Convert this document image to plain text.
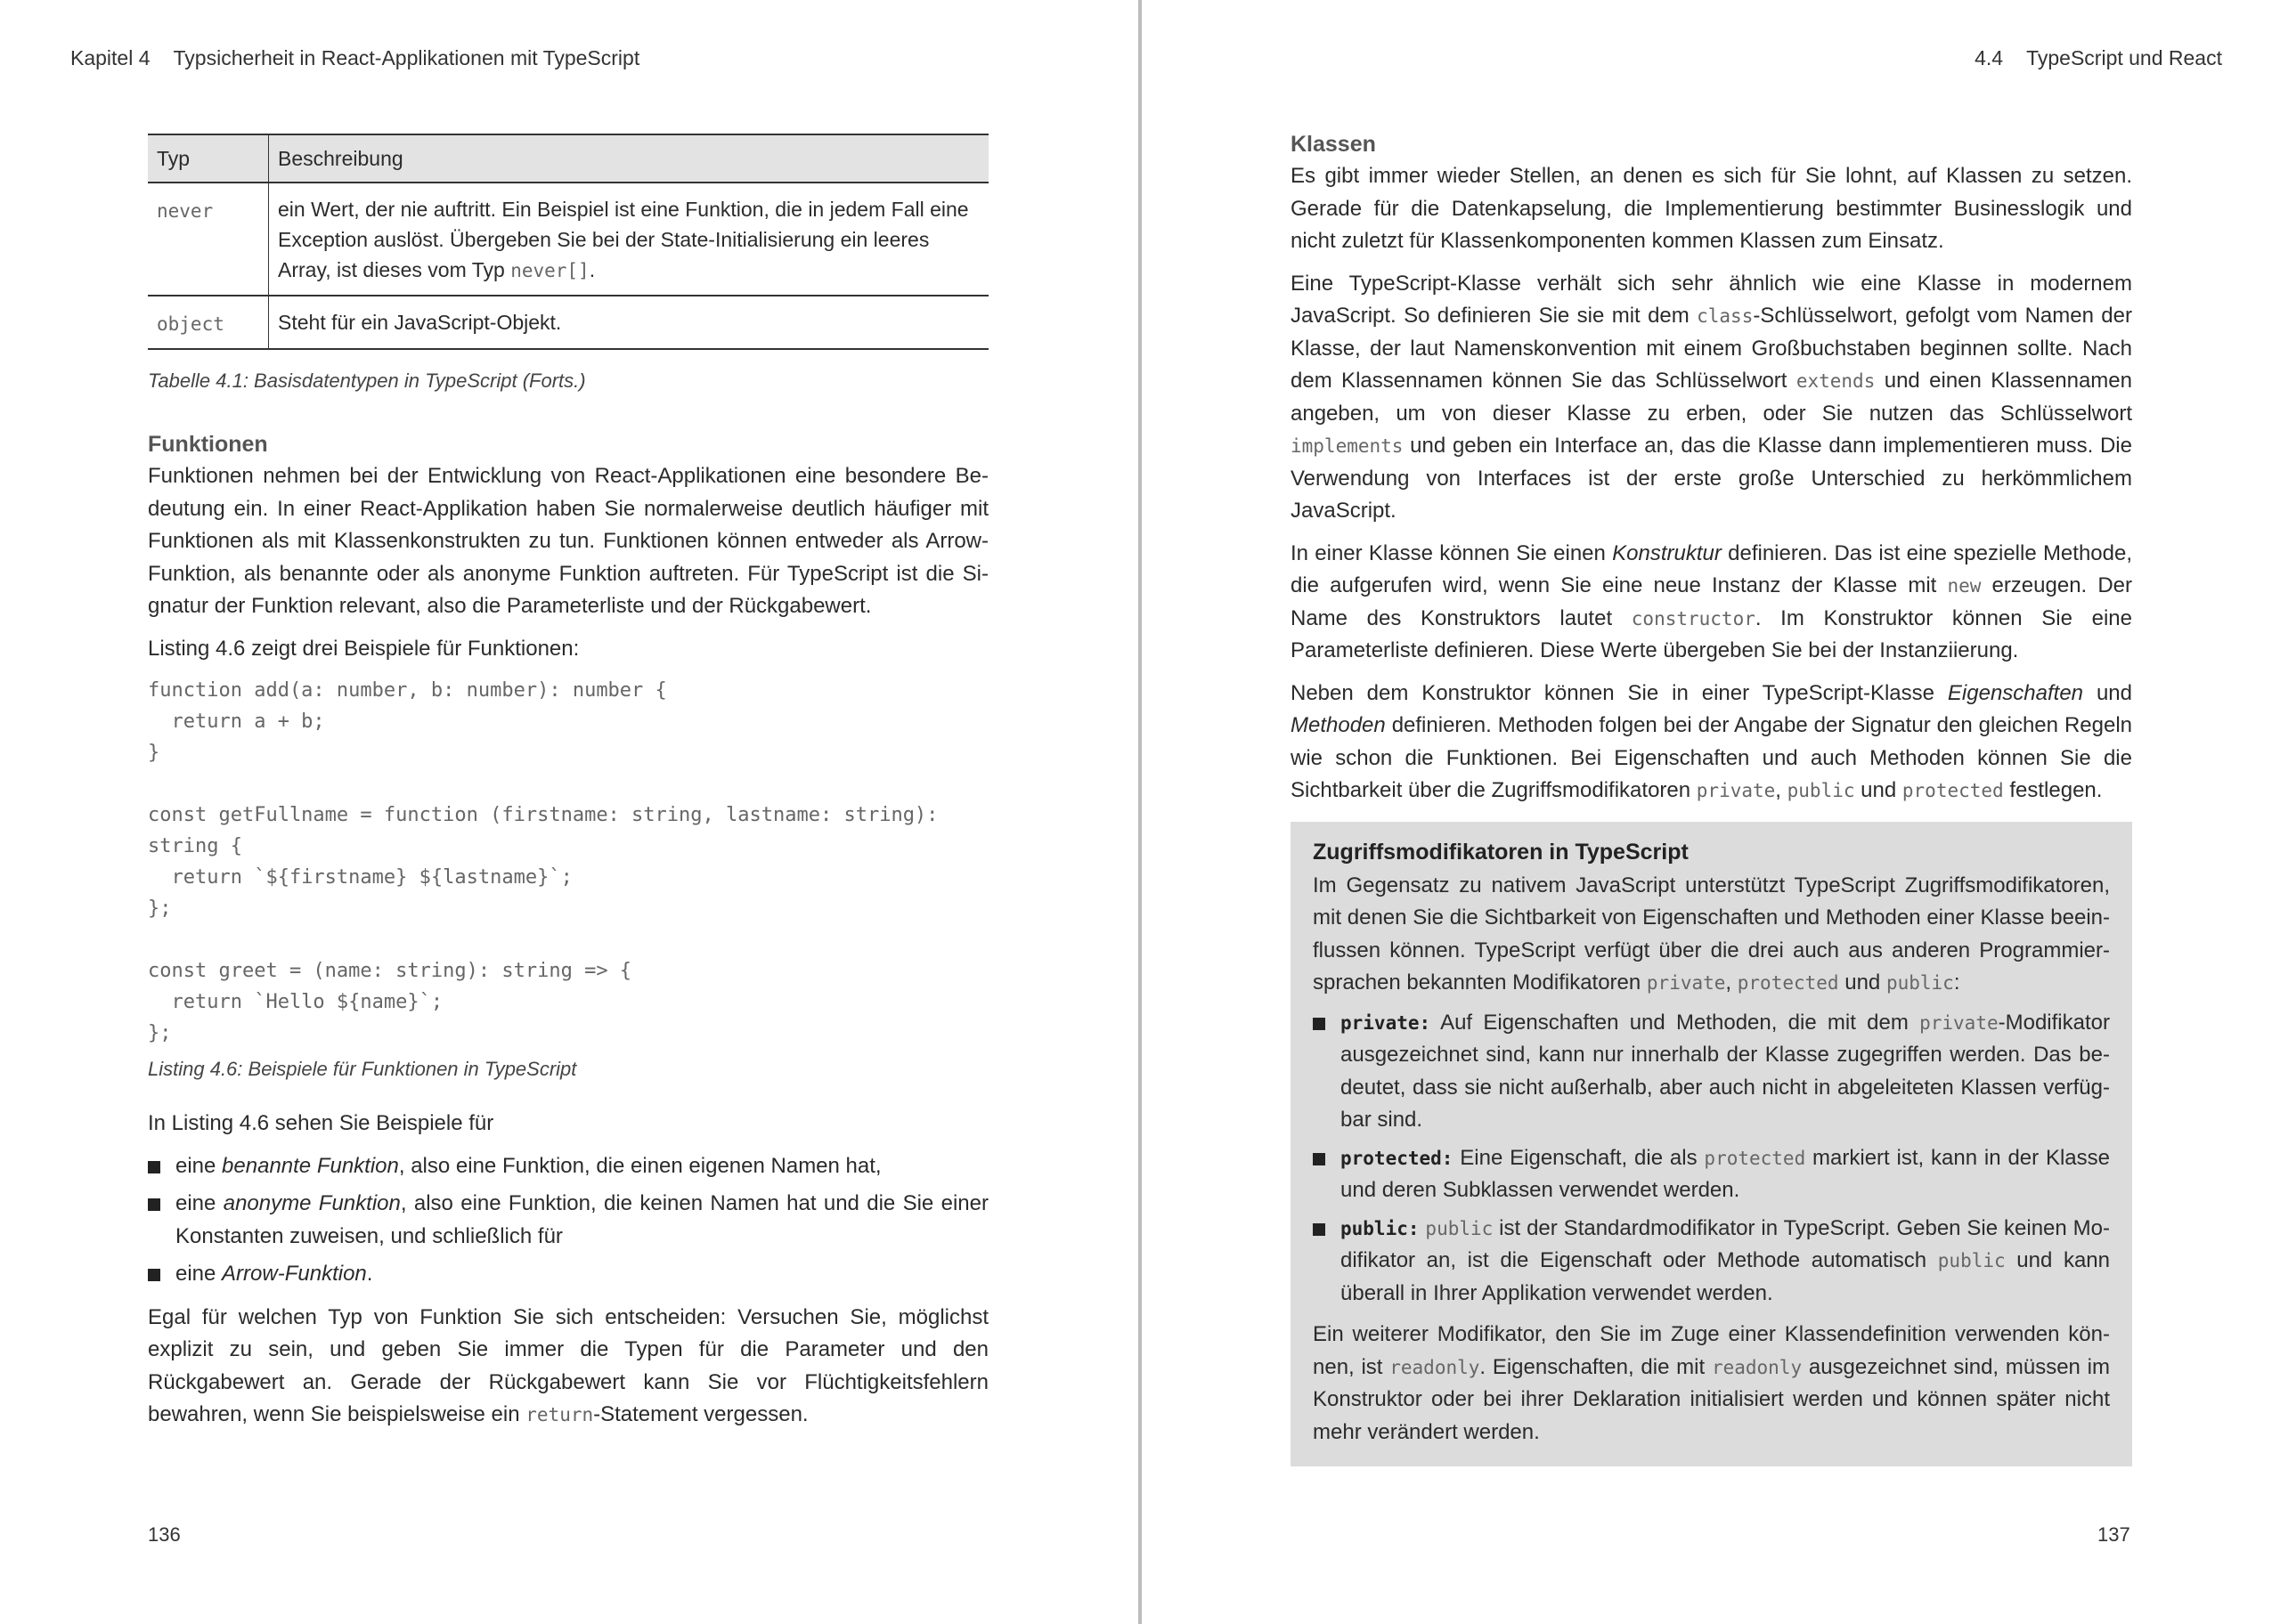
Kapitel 4 Typsicherheit in React-Applikationen mit TypeScript
Typ	Beschreibung
never	ein Wert, der nie auftritt. Ein Beispiel ist eine Funktion, die in jedem Fall eine Exception auslöst. Übergeben Sie bei der State-Initialisierung ein leeres Array, ist dieses vom Typ never[].
object	Steht für ein JavaScript-Objekt.
Tabelle 4.1: Basisdatentypen in TypeScript (Forts.)
Funktionen

Funktionen nehmen bei der Entwicklung von React-Applikationen eine besondere Bedeutung ein. In einer React-Applikation haben Sie normalerweise deutlich häufiger mit Funktionen als mit Klassenkonstrukten zu tun. Funktionen können entweder als Arrow-Funktion, als benannte oder als anonyme Funktion auftreten. Für TypeScript ist die Signatur der Funktion relevant, also die Parameterliste und der Rückgabewert.

Listing 4.6 zeigt drei Beispiele für Funktionen:

function add(a: number, b: number): number {
return a + b;
}
const getFullname = function (firstname: string, lastname: string):
string {
return `${firstname} ${lastname}`;
};
const greet = (name: string): string => {
return `Hello ${name}`;
};
Listing 4.6: Beispiele für Funktionen in TypeScript

In Listing 4.6 sehen Sie Beispiele für

eine benannte Funktion, also eine Funktion, die einen eigenen Namen hat,
eine anonyme Funktion, also eine Funktion, die keinen Namen hat und die Sie einer Konstanten zuweisen, und schließlich für
eine Arrow-Funktion.

Egal für welchen Typ von Funktion Sie sich entscheiden: Versuchen Sie, möglichst explizit zu sein, und geben Sie immer die Typen für die Parameter und den Rückgabewert an. Gerade der Rückgabewert kann Sie vor Flüchtigkeitsfehlern bewahren, wenn Sie beispielsweise ein return-Statement vergessen.

136
4.4 TypeScript und React
Klassen

Es gibt immer wieder Stellen, an denen es sich für Sie lohnt, auf Klassen zu setzen. Gerade für die Datenkapselung, die Implementierung bestimmter Businesslogik und nicht zuletzt für Klassenkomponenten kommen Klassen zum Einsatz.

Eine TypeScript-Klasse verhält sich sehr ähnlich wie eine Klasse in modernem JavaScript. So definieren Sie sie mit dem class-Schlüsselwort, gefolgt vom Namen der Klasse, der laut Namenskonvention mit einem Großbuchstaben beginnen sollte. Nach dem Klassennamen können Sie das Schlüsselwort extends und einen Klassennamen angeben, um von dieser Klasse zu erben, oder Sie nutzen das Schlüsselwort implements und geben ein Interface an, das die Klasse dann implementieren muss. Die Verwendung von Interfaces ist der erste große Unterschied zu herkömmlichem JavaScript.

In einer Klasse können Sie einen Konstruktur definieren. Das ist eine spezielle Methode, die aufgerufen wird, wenn Sie eine neue Instanz der Klasse mit new erzeugen. Der Name des Konstruktors lautet constructor. Im Konstruktor können Sie eine Parameterliste definieren. Diese Werte übergeben Sie bei der Instanziierung.

Neben dem Konstruktor können Sie in einer TypeScript-Klasse Eigenschaften und Methoden definieren. Methoden folgen bei der Angabe der Signatur den gleichen Regeln wie schon die Funktionen. Bei Eigenschaften und auch Methoden können Sie die Sichtbarkeit über die Zugriffsmodifikatoren private, public und protected festlegen.

Zugriffsmodifikatoren in TypeScript

Im Gegensatz zu nativem JavaScript unterstützt TypeScript Zugriffsmodifikatoren, mit denen Sie die Sichtbarkeit von Eigenschaften und Methoden einer Klasse beeinflussen können. TypeScript verfügt über die drei auch aus anderen Programmiersprachen bekannten Modifikatoren private, protected und public:

private: Auf Eigenschaften und Methoden, die mit dem private-Modifikator ausgezeichnet sind, kann nur innerhalb der Klasse zugegriffen werden. Das bedeutet, dass sie nicht außerhalb, aber auch nicht in abgeleiteten Klassen verfügbar sind.
protected: Eine Eigenschaft, die als protected markiert ist, kann in der Klasse und deren Subklassen verwendet werden.
public: public ist der Standardmodifikator in TypeScript. Geben Sie keinen Modifikator an, ist die Eigenschaft oder Methode automatisch public und kann überall in Ihrer Applikation verwendet werden.

Ein weiterer Modifikator, den Sie im Zuge einer Klassendefinition verwenden können, ist readonly. Eigenschaften, die mit readonly ausgezeichnet sind, müssen im Konstruktor oder bei ihrer Deklaration initialisiert werden und können später nicht mehr verändert werden.

137
